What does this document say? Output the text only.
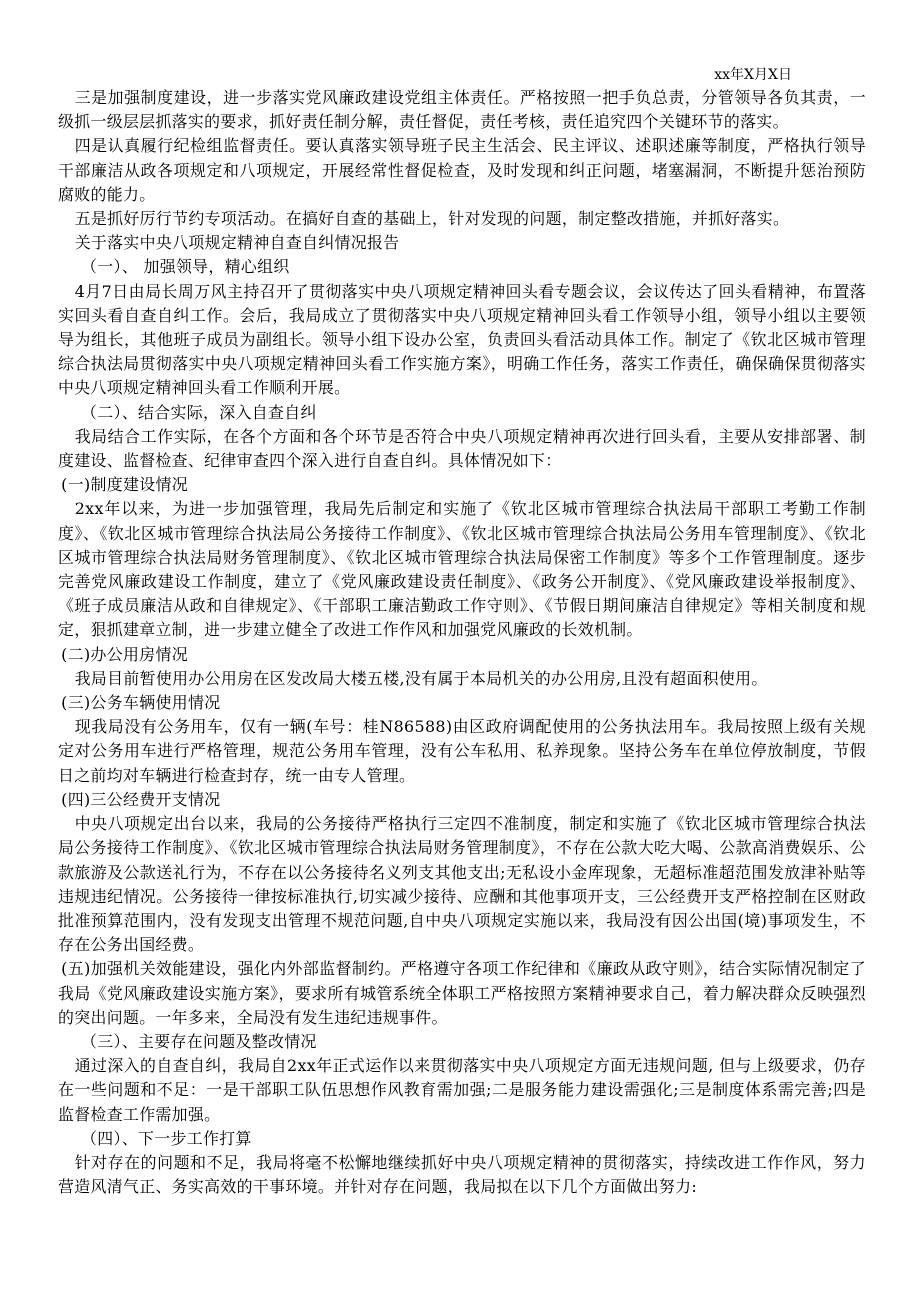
xx年X月X日

三是加强制度建设，进一步落实党风廉政建设党组主体责任。严格按照一把手负总责，分管领导各负其责，一级抓一级层层抓落实的要求，抓好责任制分解，责任督促，责任考核，责任追究四个关键环节的落实。

四是认真履行纪检组监督责任。要认真落实领导班子民主生活会、民主评议、述职述廉等制度，严格执行领导干部廉洁从政各项规定和八项规定，开展经常性督促检查，及时发现和纠正问题，堵塞漏洞，不断提升惩治预防腐败的能力。

五是抓好厉行节约专项活动。在搞好自查的基础上，针对发现的问题，制定整改措施，并抓好落实。

关于落实中央八项规定精神自查自纠情况报告

（一）、 加强领导，精心组织

4月7日由局长周万风主持召开了贯彻落实中央八项规定精神回头看专题会议，会议传达了回头看精神，布置落实回头看自查自纠工作。会后，我局成立了贯彻落实中央八项规定精神回头看工作领导小组，领导小组以主要领导为组长，其他班子成员为副组长。领导小组下设办公室，负责回头看活动具体工作。制定了《钦北区城市管理综合执法局贯彻落实中央八项规定精神回头看工作实施方案》，明确工作任务，落实工作责任，确保确保贯彻落实中央八项规定精神回头看工作顺利开展。

（二）、结合实际，深入自查自纠

我局结合工作实际，在各个方面和各个环节是否符合中央八项规定精神再次进行回头看，主要从安排部署、制度建设、监督检查、纪律审查四个深入进行自查自纠。具体情况如下：

(一)制度建设情况

2xx年以来，为进一步加强管理，我局先后制定和实施了《钦北区城市管理综合执法局干部职工考勤工作制度》、《钦北区城市管理综合执法局公务接待工作制度》、《钦北区城市管理综合执法局公务用车管理制度》、《钦北区城市管理综合执法局财务管理制度》、《钦北区城市管理综合执法局保密工作制度》等多个工作管理制度。逐步完善党风廉政建设工作制度，建立了《党风廉政建设责任制度》、《政务公开制度》、《党风廉政建设举报制度》、《班子成员廉洁从政和自律规定》、《干部职工廉洁勤政工作守则》、《节假日期间廉洁自律规定》等相关制度和规定，狠抓建章立制，进一步建立健全了改进工作作风和加强党风廉政的长效机制。

(二)办公用房情况

我局目前暂使用办公用房在区发改局大楼五楼,没有属于本局机关的办公用房,且没有超面积使用。

(三)公务车辆使用情况

现我局没有公务用车，仅有一辆(车号：桂N86588)由区政府调配使用的公务执法用车。我局按照上级有关规定对公务用车进行严格管理，规范公务用车管理，没有公车私用、私养现象。坚持公务车在单位停放制度，节假日之前均对车辆进行检查封存，统一由专人管理。

(四)三公经费开支情况

中央八项规定出台以来，我局的公务接待严格执行三定四不准制度，制定和实施了《钦北区城市管理综合执法局公务接待工作制度》、《钦北区城市管理综合执法局财务管理制度》，不存在公款大吃大喝、公款高消费娱乐、公款旅游及公款送礼行为，不存在以公务接待名义列支其他支出;无私设小金库现象，无超标准超范围发放津补贴等违规违纪情况。公务接待一律按标准执行,切实减少接待、应酬和其他事项开支，三公经费开支严格控制在区财政批准预算范围内，没有发现支出管理不规范问题,自中央八项规定实施以来，我局没有因公出国(境)事项发生，不存在公务出国经费。

(五)加强机关效能建设，强化内外部监督制约。严格遵守各项工作纪律和《廉政从政守则》，结合实际情况制定了我局《党风廉政建设实施方案》，要求所有城管系统全体职工严格按照方案精神要求自己，着力解决群众反映强烈的突出问题。一年多来，全局没有发生违纪违规事件。

（三）、主要存在问题及整改情况

通过深入的自查自纠，我局自2xx年正式运作以来贯彻落实中央八项规定方面无违规问题, 但与上级要求，仍存在一些问题和不足：一是干部职工队伍思想作风教育需加强;二是服务能力建设需强化;三是制度体系需完善;四是监督检查工作需加强。

（四）、下一步工作打算

针对存在的问题和不足，我局将毫不松懈地继续抓好中央八项规定精神的贯彻落实，持续改进工作作风，努力营造风清气正、务实高效的干事环境。并针对存在问题，我局拟在以下几个方面做出努力:
